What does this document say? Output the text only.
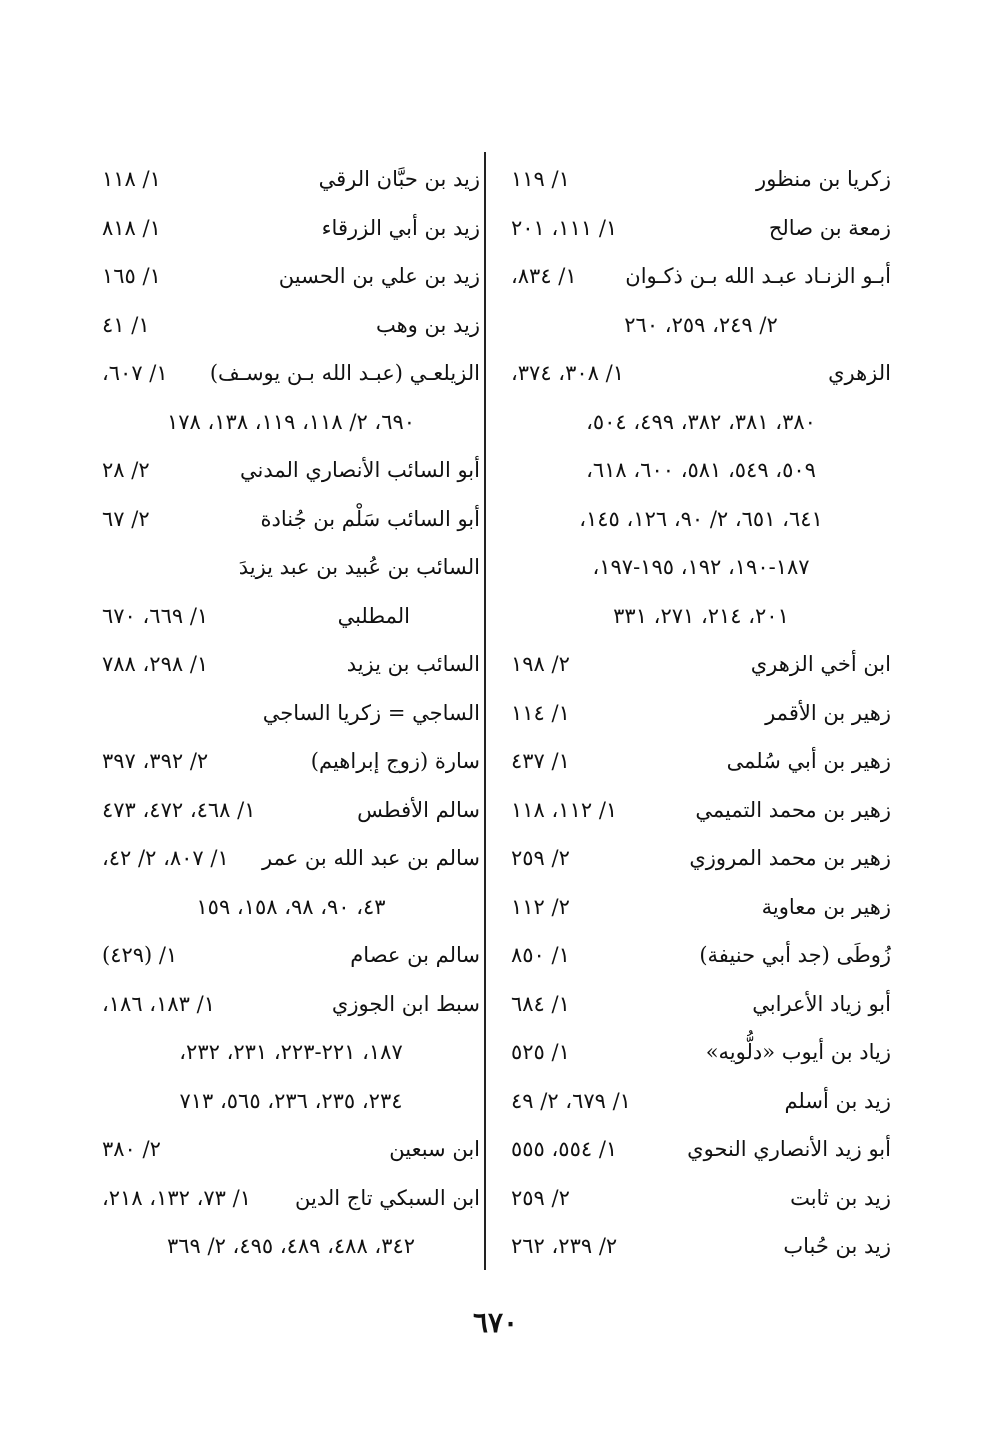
زكريا بن منظور
١/ ١١٩
زمعة بن صالح
١/ ١١١، ٢٠١
أبـو الزنـاد عبـد الله بـن ذكـوان
١/ ٨٣٤،
٢/ ٢٤٩، ٢٥٩، ٢٦٠
الزهري
١/ ٣٠٨، ٣٧٤،
٣٨٠، ٣٨١، ٣٨٢، ٤٩٩، ٥٠٤،
٥٠٩، ٥٤٩، ٥٨١، ٦٠٠، ٦١٨،
٦٤١، ٦٥١، ٢/ ٩٠، ١٢٦، ١٤٥،
١٨٧-١٩٠، ١٩٢، ١٩٥-١٩٧،
٢٠١، ٢١٤، ٢٧١، ٣٣١
ابن أخي الزهري
٢/ ١٩٨
زهير بن الأقمر
١/ ١١٤
زهير بن أبي سُلمى
١/ ٤٣٧
زهير بن محمد التميمي
١/ ١١٢، ١١٨
زهير بن محمد المروزي
٢/ ٢٥٩
زهير بن معاوية
٢/ ١١٢
زُوطَى (جد أبي حنيفة)
١/ ٨٥٠
أبو زياد الأعرابي
١/ ٦٨٤
زياد بن أيوب «دلُّويه»
١/ ٥٢٥
زيد بن أسلم
١/ ٦٧٩، ٢/ ٤٩
أبو زيد الأنصاري النحوي
١/ ٥٥٤، ٥٥٥
زيد بن ثابت
٢/ ٢٥٩
زيد بن حُباب
٢/ ٢٣٩، ٢٦٢
زيد بن حبَّان الرقي
١/ ١١٨
زيد بن أبي الزرقاء
١/ ٨١٨
زيد بن علي بن الحسين
١/ ١٦٥
زيد بن وهب
١/ ٤١
الزيلعـي (عبـد الله بـن يوسـف)
١/ ٦٠٧،
٦٩٠، ٢/ ١١٨، ١١٩، ١٣٨، ١٧٨
أبو السائب الأنصاري المدني
٢/ ٢٨
أبو السائب سَلْم بن جُنادة
٢/ ٦٧
السائب بن عُبيد بن عبد يزيدَ
المطلبي
١/ ٦٦٩، ٦٧٠
السائب بن يزيد
١/ ٢٩٨، ٧٨٨
الساجي = زكريا الساجي
سارة (زوج إبراهيم)
٢/ ٣٩٢، ٣٩٧
سالم الأفطس
١/ ٤٦٨، ٤٧٢، ٤٧٣
سالم بن عبد الله بن عمر
١/ ٨٠٧، ٢/ ٤٢،
٤٣، ٩٠، ٩٨، ١٥٨، ١٥٩
سالم بن عصام
١/ (٤٢٩)
سبط ابن الجوزي
١/ ١٨٣، ١٨٦،
١٨٧، ٢٢١-٢٢٣، ٢٣١، ٢٣٢،
٢٣٤، ٢٣٥، ٢٣٦، ٥٦٥، ٧١٣
ابن سبعين
٢/ ٣٨٠
ابن السبكي تاج الدين
١/ ٧٣، ١٣٢، ٢١٨،
٣٤٢، ٤٨٨، ٤٨٩، ٤٩٥، ٢/ ٣٦٩
٦٧٠
